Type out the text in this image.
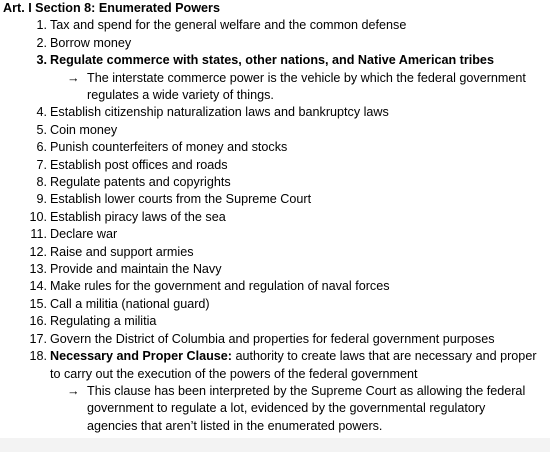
Art. I Section 8: Enumerated Powers
1. Tax and spend for the general welfare and the common defense
2. Borrow money
3. Regulate commerce with states, other nations, and Native American tribes
→ The interstate commerce power is the vehicle by which the federal government regulates a wide variety of things.
4. Establish citizenship naturalization laws and bankruptcy laws
5. Coin money
6. Punish counterfeiters of money and stocks
7. Establish post offices and roads
8. Regulate patents and copyrights
9. Establish lower courts from the Supreme Court
10. Establish piracy laws of the sea
11. Declare war
12. Raise and support armies
13. Provide and maintain the Navy
14. Make rules for the government and regulation of naval forces
15. Call a militia (national guard)
16. Regulating a militia
17. Govern the District of Columbia and properties for federal government purposes
18. Necessary and Proper Clause: authority to create laws that are necessary and proper to carry out the execution of the powers of the federal government
→ This clause has been interpreted by the Supreme Court as allowing the federal government to regulate a lot, evidenced by the governmental regulatory agencies that aren’t listed in the enumerated powers.
